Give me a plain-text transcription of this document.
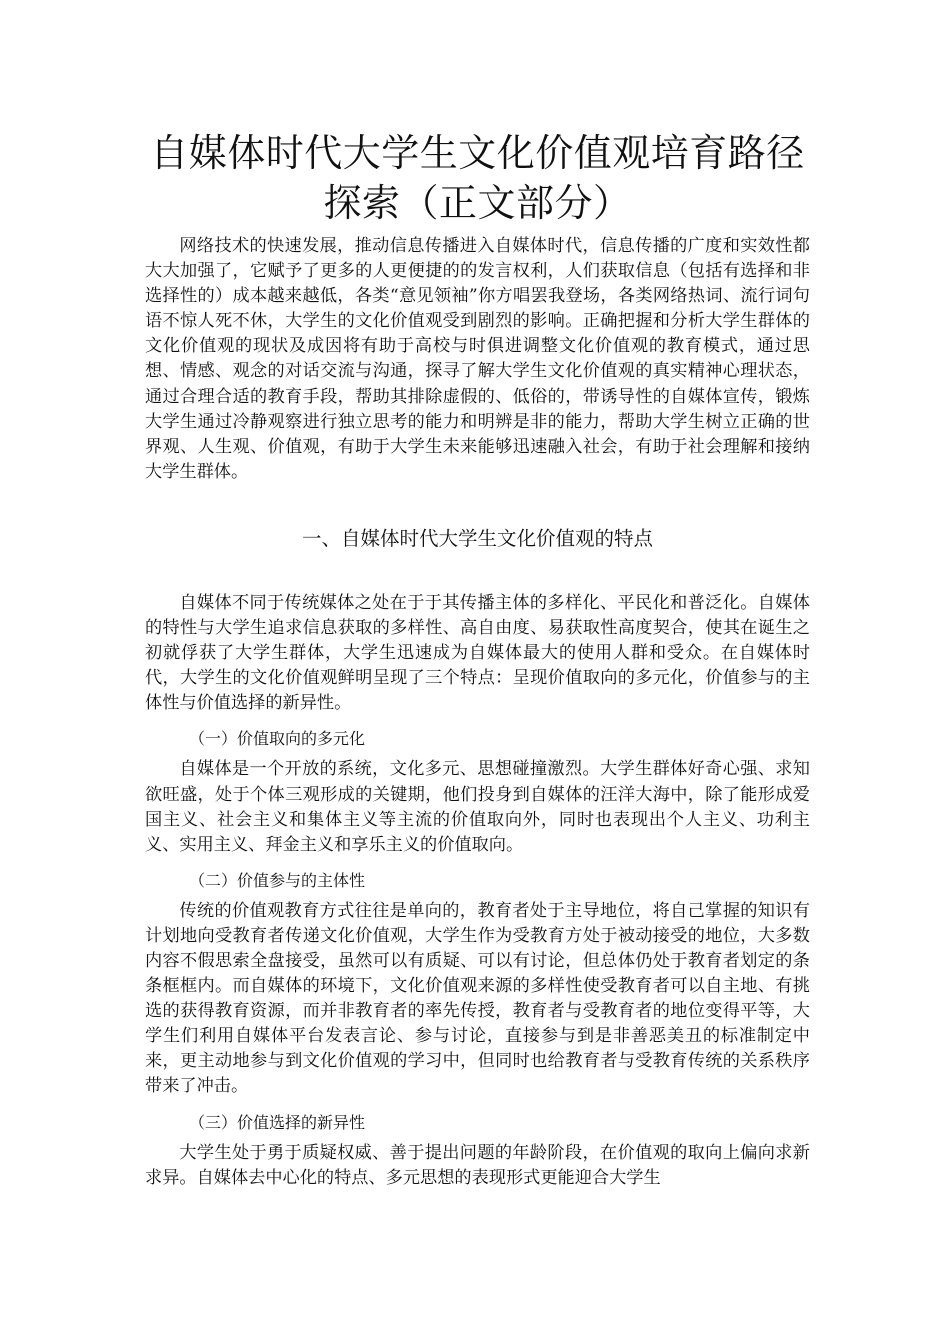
自媒体时代大学生文化价值观培育路径探索（正文部分）

网络技术的快速发展，推动信息传播进入自媒体时代，信息传播的广度和实效性都大大加强了，它赋予了更多的人更便捷的的发言权利，人们获取信息（包括有选择和非选择性的）成本越来越低，各类“意见领袖”你方唱罢我登场，各类网络热词、流行词句语不惊人死不休，大学生的文化价值观受到剧烈的影响。正确把握和分析大学生群体的文化价值观的现状及成因将有助于高校与时俱进调整文化价值观的教育模式，通过思想、情感、观念的对话交流与沟通，探寻了解大学生文化价值观的真实精神心理状态，通过合理合适的教育手段，帮助其排除虚假的、低俗的，带诱导性的自媒体宣传，锻炼大学生通过冷静观察进行独立思考的能力和明辨是非的能力，帮助大学生树立正确的世界观、人生观、价值观，有助于大学生未来能够迅速融入社会，有助于社会理解和接纳大学生群体。

一、自媒体时代大学生文化价值观的特点

自媒体不同于传统媒体之处在于于其传播主体的多样化、平民化和普泛化。自媒体的特性与大学生追求信息获取的多样性、高自由度、易获取性高度契合，使其在诞生之初就俘获了大学生群体，大学生迅速成为自媒体最大的使用人群和受众。在自媒体时代，大学生的文化价值观鲜明呈现了三个特点：呈现价值取向的多元化，价值参与的主体性与价值选择的新异性。

（一）价值取向的多元化

自媒体是一个开放的系统，文化多元、思想碰撞激烈。大学生群体好奇心强、求知欲旺盛，处于个体三观形成的关键期，他们投身到自媒体的汪洋大海中，除了能形成爱国主义、社会主义和集体主义等主流的价值取向外，同时也表现出个人主义、功利主义、实用主义、拜金主义和享乐主义的价值取向。

（二）价值参与的主体性

传统的价值观教育方式往往是单向的，教育者处于主导地位，将自己掌握的知识有计划地向受教育者传递文化价值观，大学生作为受教育方处于被动接受的地位，大多数内容不假思索全盘接受，虽然可以有质疑、可以有讨论，但总体仍处于教育者划定的条条框框内。而自媒体的环境下，文化价值观来源的多样性使受教育者可以自主地、有挑选的获得教育资源，而并非教育者的率先传授，教育者与受教育者的地位变得平等，大学生们利用自媒体平台发表言论、参与讨论，直接参与到是非善恶美丑的标准制定中来，更主动地参与到文化价值观的学习中，但同时也给教育者与受教育传统的关系秩序带来了冲击。

（三）价值选择的新异性

大学生处于勇于质疑权威、善于提出问题的年龄阶段，在价值观的取向上偏向求新求异。自媒体去中心化的特点、多元思想的表现形式更能迎合大学生
